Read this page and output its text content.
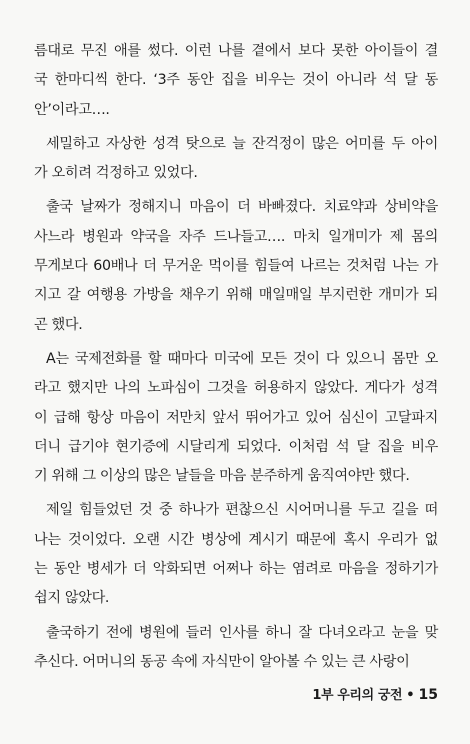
름대로 무진 애를 썼다. 이런 나를 곁에서 보다 못한 아이들이 결
국 한마디씩 한다. ‘3주 동안 집을 비우는 것이 아니라 석 달 동
안’이라고….
세밀하고 자상한 성격 탓으로 늘 잔걱정이 많은 어미를 두 아이
가 오히려 걱정하고 있었다.
출국 날짜가 정해지니 마음이 더 바빠졌다. 치료약과 상비약을
사느라 병원과 약국을 자주 드나들고…. 마치 일개미가 제 몸의
무게보다 60배나 더 무거운 먹이를 힘들여 나르는 것처럼 나는 가
지고 갈 여행용 가방을 채우기 위해 매일매일 부지런한 개미가 되
곤 했다.
A는 국제전화를 할 때마다 미국에 모든 것이 다 있으니 몸만 오
라고 했지만 나의 노파심이 그것을 허용하지 않았다. 게다가 성격
이 급해 항상 마음이 저만치 앞서 뛰어가고 있어 심신이 고달파지
더니 급기야 현기증에 시달리게 되었다. 이처럼 석 달 집을 비우
기 위해 그 이상의 많은 날들을 마음 분주하게 움직여야만 했다.
제일 힘들었던 것 중 하나가 편찮으신 시어머니를 두고 길을 떠
나는 것이었다. 오랜 시간 병상에 계시기 때문에 혹시 우리가 없
는 동안 병세가 더 악화되면 어쩌나 하는 염려로 마음을 정하기가
쉽지 않았다.
출국하기 전에 병원에 들러 인사를 하니 잘 다녀오라고 눈을 맞
추신다. 어머니의 동공 속에 자식만이 알아볼 수 있는 큰 사랑이
1부 우리의 궁전 • 15
